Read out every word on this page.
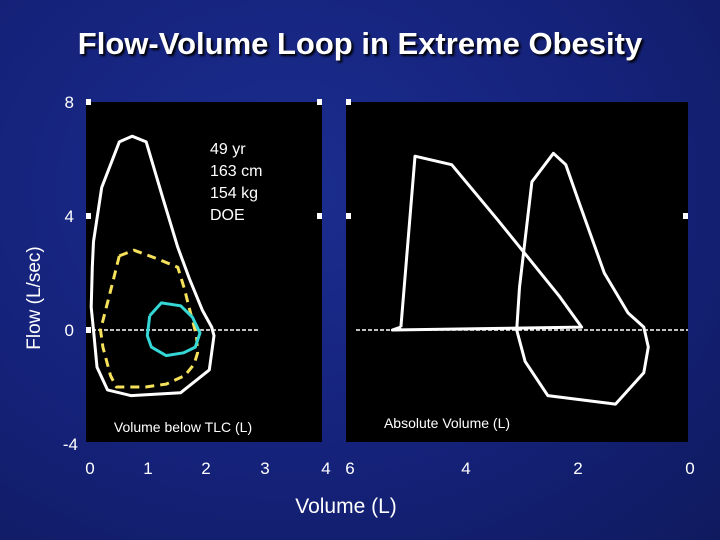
Flow-Volume Loop in Extreme Obesity
8
4
0
-4
Flow (L/sec)
0	1	2	3	4 6	4	2	0
Volume below TLC (L)	Absolute Volume (L)
Volume (L)
49 yr
163 cm
154 kg
DOE
